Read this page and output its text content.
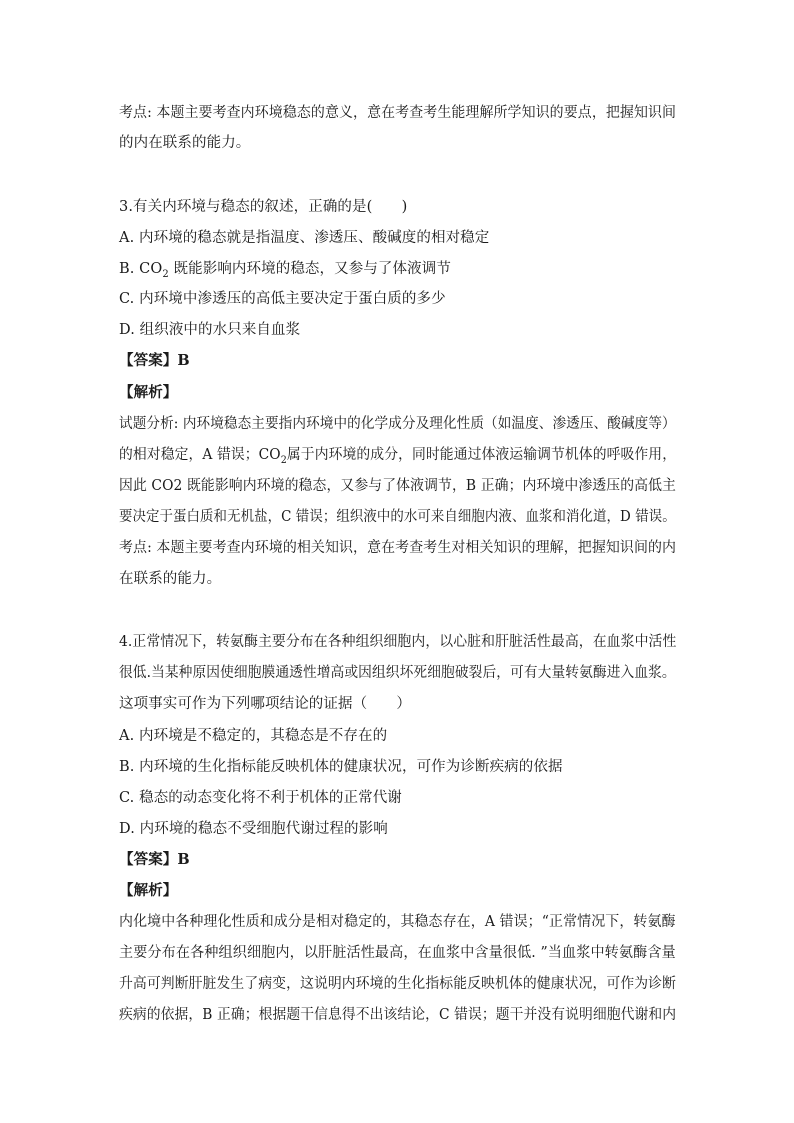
考点: 本题主要考查内环境稳态的意义，意在考查考生能理解所学知识的要点，把握知识间
的内在联系的能力。
3.有关内环境与稳态的叙述，正确的是(　　)
A. 内环境的稳态就是指温度、渗透压、酸碱度的相对稳定
B. $CO_2$ 既能影响内环境的稳态，又参与了体液调节
C. 内环境中渗透压的高低主要决定于蛋白质的多少
D. 组织液中的水只来自血浆
【答案】B
【解析】
试题分析: 内环境稳态主要指内环境中的化学成分及理化性质（如温度、渗透压、酸碱度等）
的相对稳定，A 错误；$CO_2$属于内环境的成分，同时能通过体液运输调节机体的呼吸作用，
因此 CO2 既能影响内环境的稳态，又参与了体液调节，B 正确；内环境中渗透压的高低主
要决定于蛋白质和无机盐，C 错误；组织液中的水可来自细胞内液、血浆和消化道，D 错误。
考点: 本题主要考查内环境的相关知识，意在考查考生对相关知识的理解，把握知识间的内
在联系的能力。
4.正常情况下，转氨酶主要分布在各种组织细胞内，以心脏和肝脏活性最高，在血浆中活性
很低.当某种原因使细胞膜通透性增高或因组织坏死细胞破裂后，可有大量转氨酶进入血浆。
这项事实可作为下列哪项结论的证据（　　）
A. 内环境是不稳定的，其稳态是不存在的
B. 内环境的生化指标能反映机体的健康状况，可作为诊断疾病的依据
C. 稳态的动态变化将不利于机体的正常代谢
D. 内环境的稳态不受细胞代谢过程的影响
【答案】B
【解析】
内化境中各种理化性质和成分是相对稳定的，其稳态存在，A 错误；“正常情况下，转氨酶
主要分布在各种组织细胞内，以肝脏活性最高，在血浆中含量很低. ”当血浆中转氨酶含量
升高可判断肝脏发生了病变，这说明内环境的生化指标能反映机体的健康状况，可作为诊断
疾病的依据，B 正确；根据题干信息得不出该结论，C 错误；题干并没有说明细胞代谢和内
